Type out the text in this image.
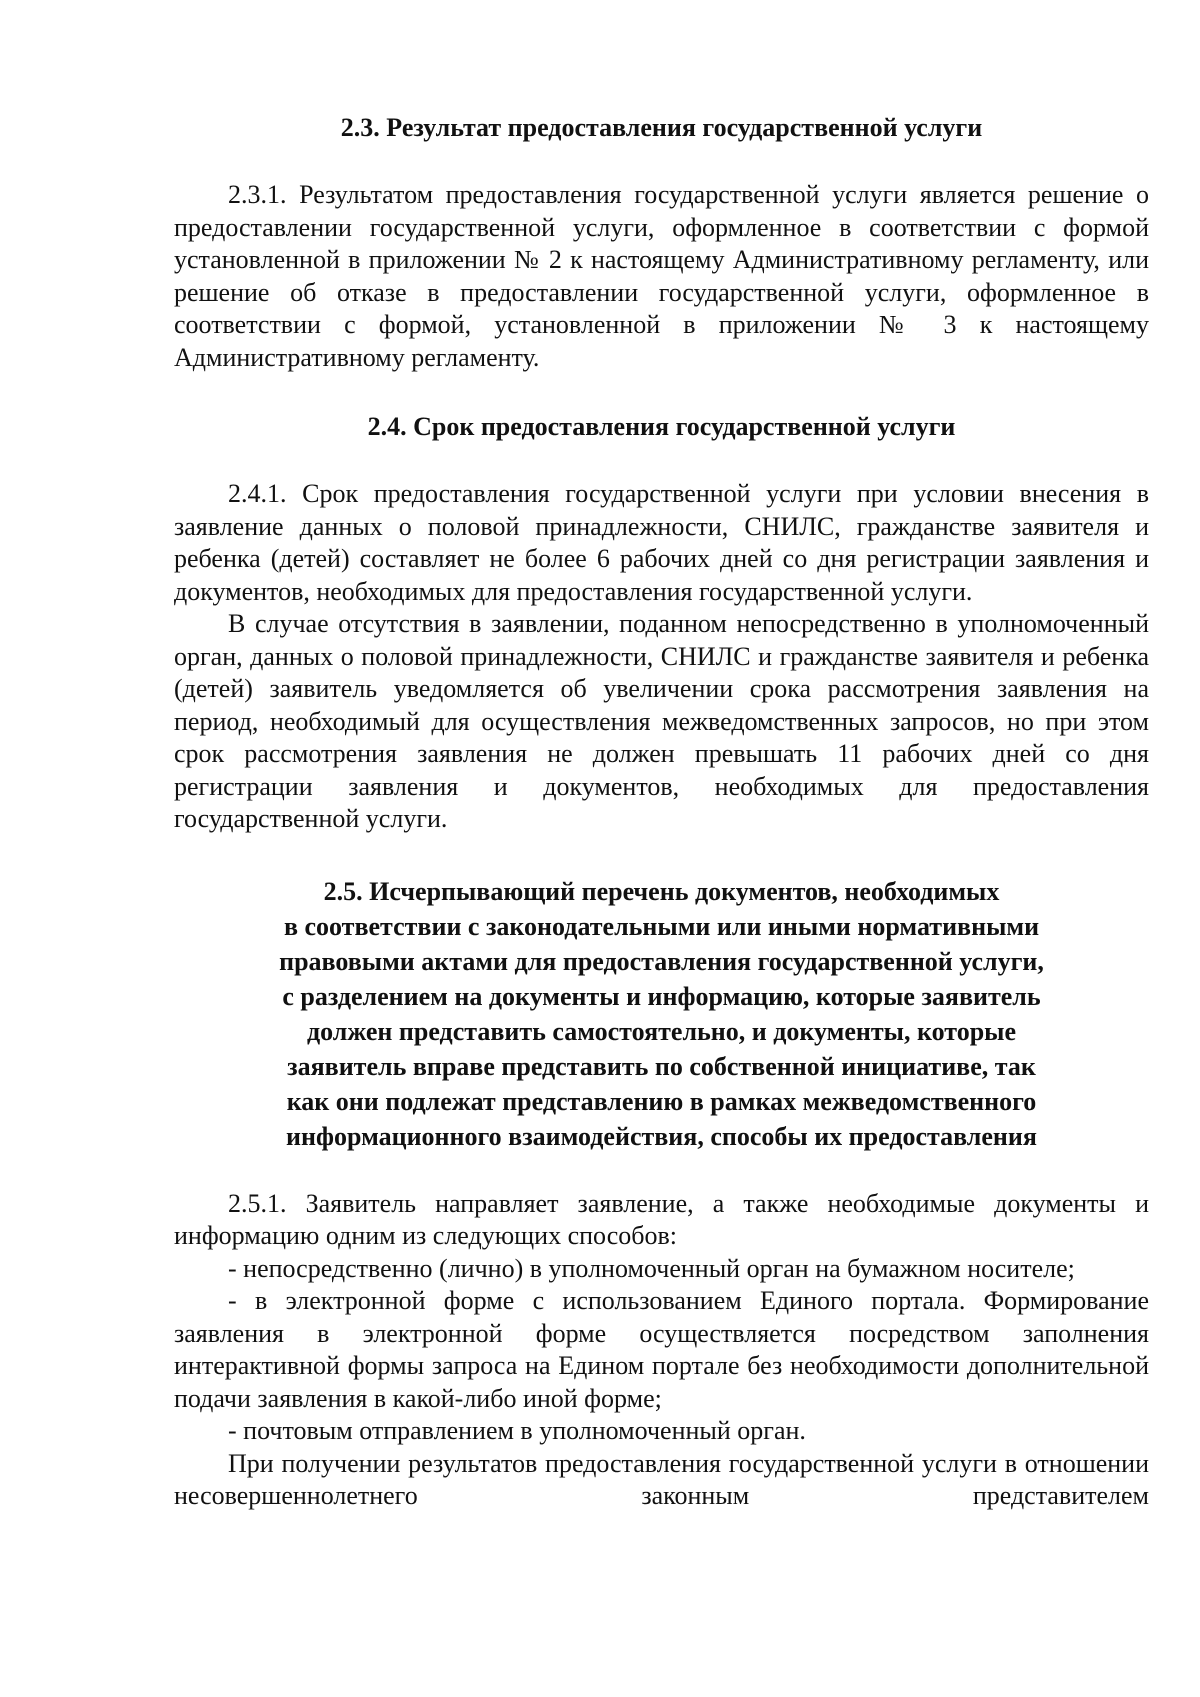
2.3. Результат предоставления государственной услуги

2.3.1. Результатом предоставления государственной услуги является решение о предоставлении государственной услуги, оформленное в соответствии с формой установленной в приложении № 2 к настоящему Административному регламенту, или решение об отказе в предоставлении государственной услуги, оформленное в соответствии с формой, установленной в приложении № 3 к настоящему Административному регламенту.

2.4. Срок предоставления государственной услуги

2.4.1. Срок предоставления государственной услуги при условии внесения в заявление данных о половой принадлежности, СНИЛС, гражданстве заявителя и ребенка (детей) составляет не более 6 рабочих дней со дня регистрации заявления и документов, необходимых для предоставления государственной услуги.

В случае отсутствия в заявлении, поданном непосредственно в уполномоченный орган, данных о половой принадлежности, СНИЛС и гражданстве заявителя и ребенка (детей) заявитель уведомляется об увеличении срока рассмотрения заявления на период, необходимый для осуществления межведомственных запросов, но при этом срок рассмотрения заявления не должен превышать 11 рабочих дней со дня регистрации заявления и документов, необходимых для предоставления государственной услуги.

2.5. Исчерпывающий перечень документов, необходимых
в соответствии с законодательными или иными нормативными
правовыми актами для предоставления государственной услуги,
с разделением на документы и информацию, которые заявитель
должен представить самостоятельно, и документы, которые
заявитель вправе представить по собственной инициативе, так
как они подлежат представлению в рамках межведомственного
информационного взаимодействия, способы их предоставления

2.5.1. Заявитель направляет заявление, а также необходимые документы и информацию одним из следующих способов:

- непосредственно (лично) в уполномоченный орган на бумажном носителе;

- в электронной форме с использованием Единого портала. Формирование заявления в электронной форме осуществляется посредством заполнения интерактивной формы запроса на Едином портале без необходимости дополнительной подачи заявления в какой-либо иной форме;

- почтовым отправлением в уполномоченный орган.

При получении результатов предоставления государственной услуги в отношении несовершеннолетнего законным представителем
